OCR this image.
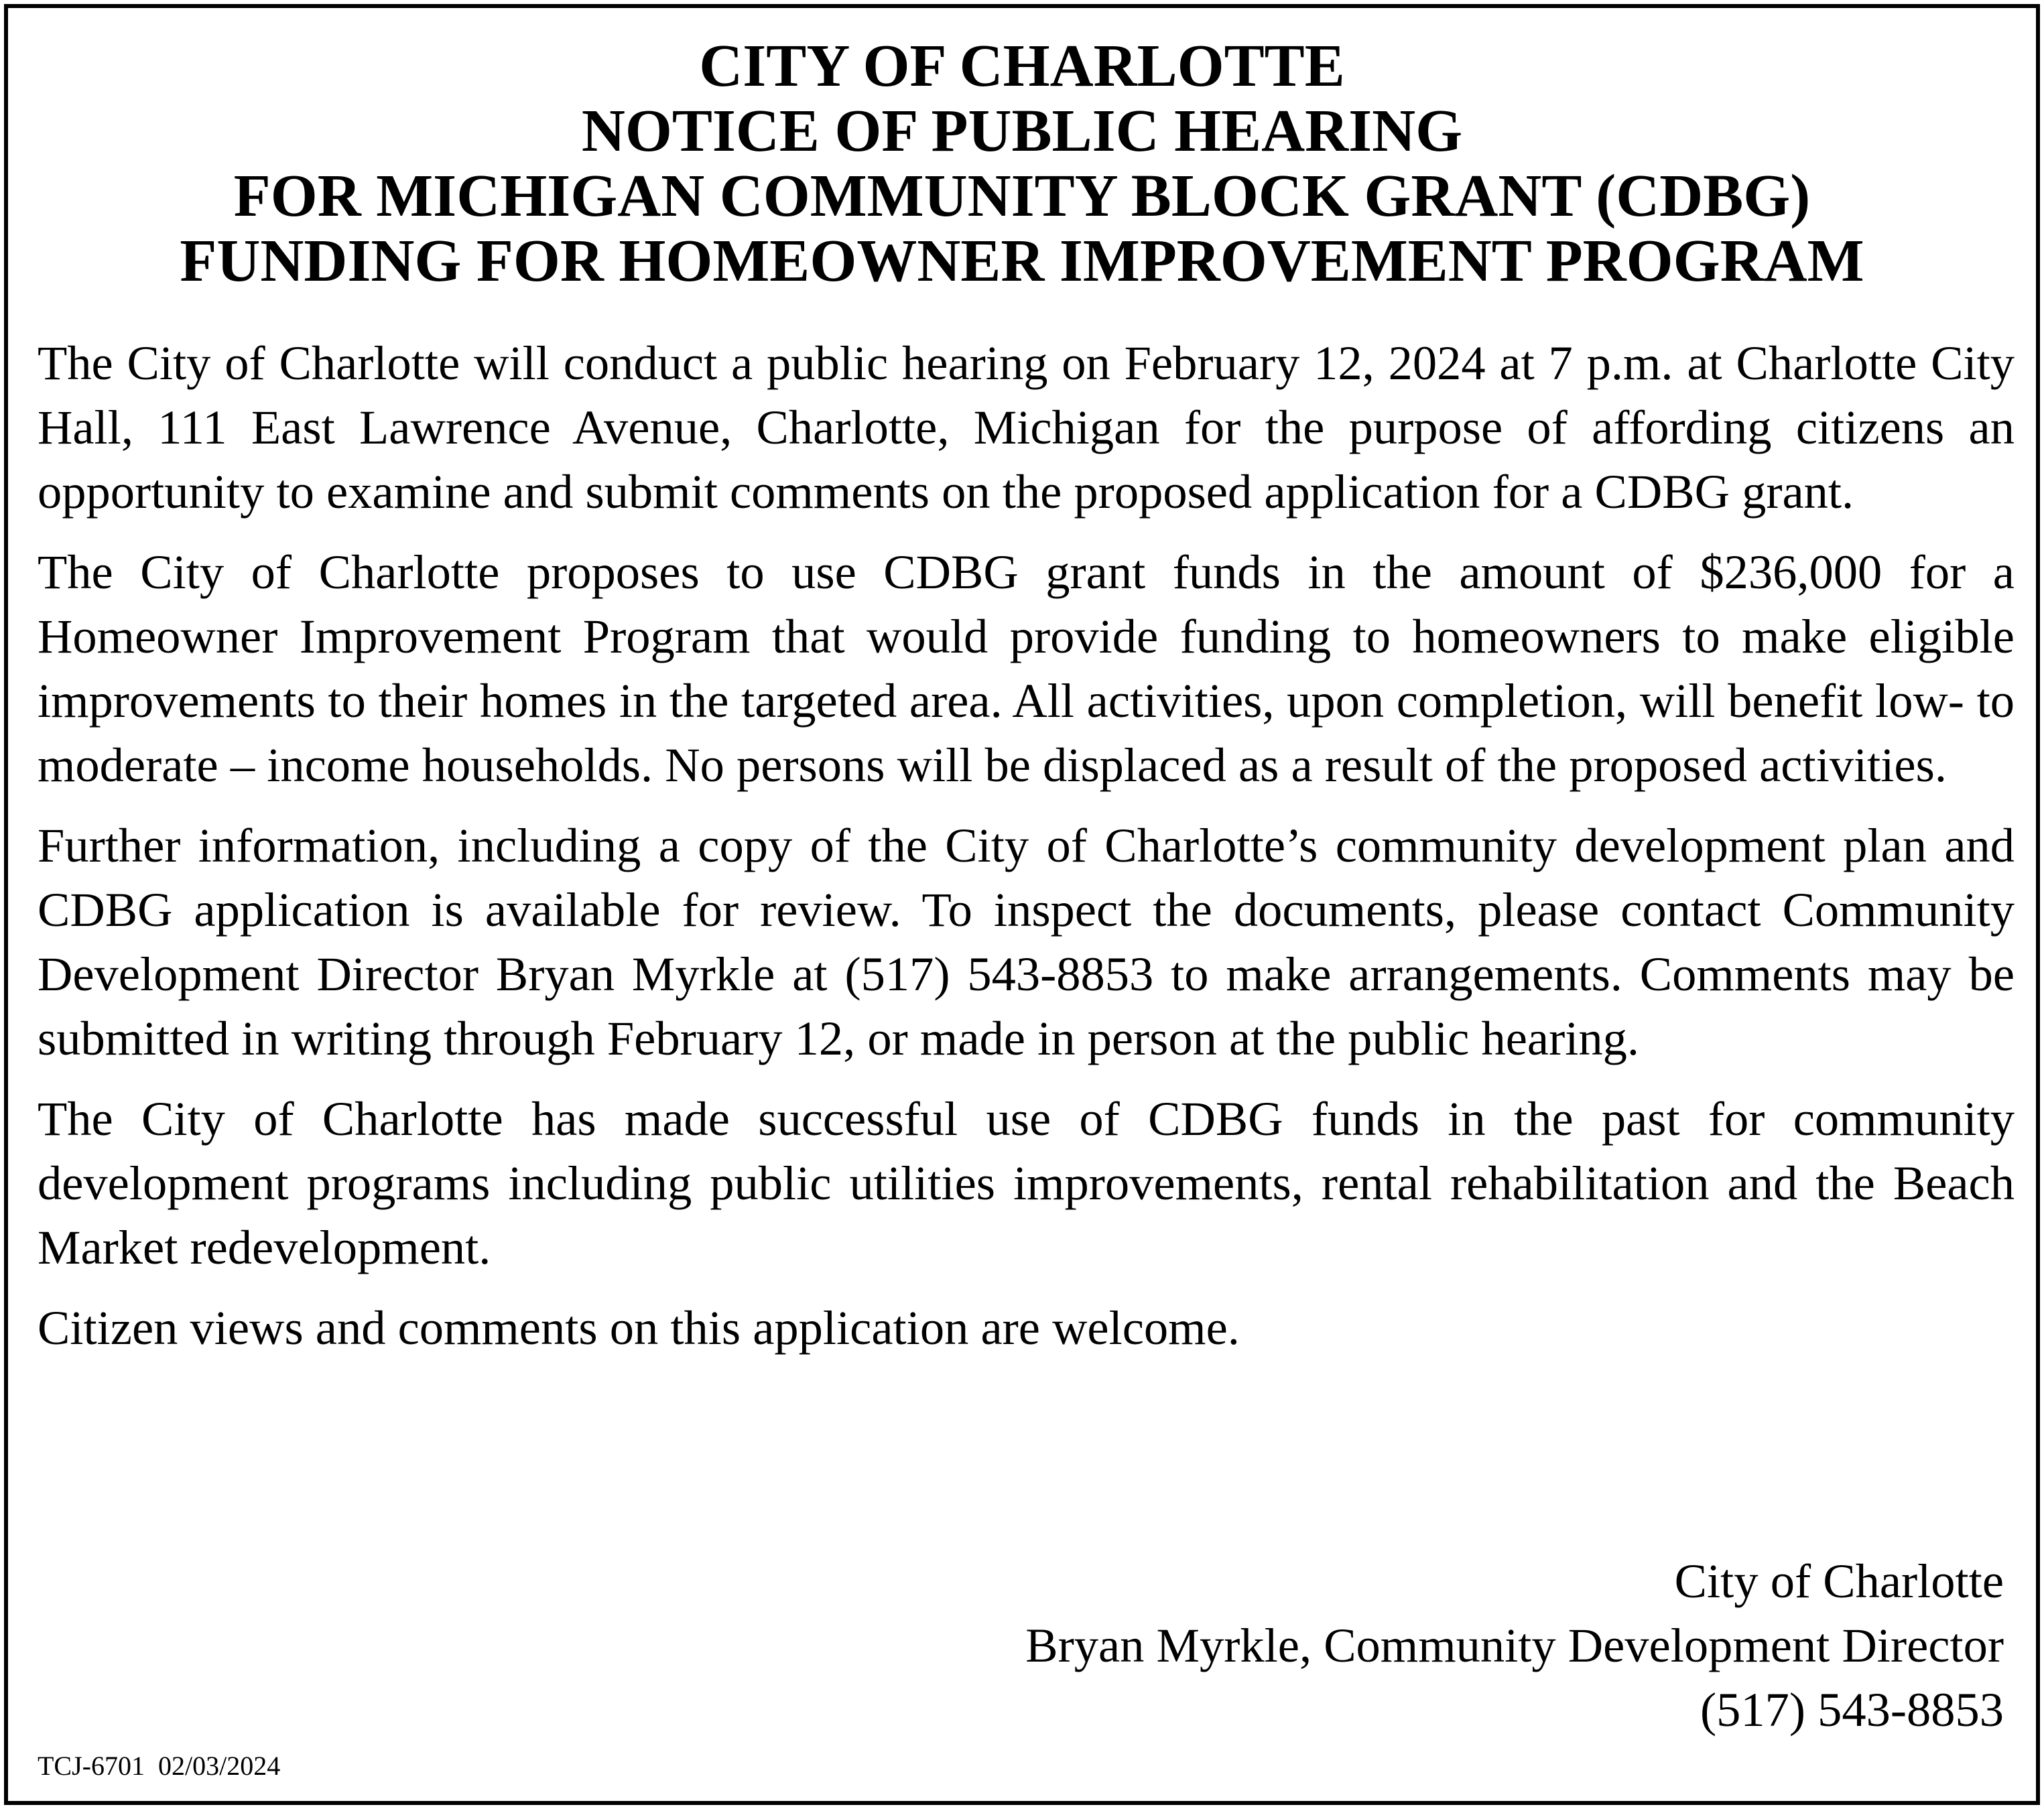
CITY OF CHARLOTTE
NOTICE OF PUBLIC HEARING
FOR MICHIGAN COMMUNITY BLOCK GRANT (CDBG)
FUNDING FOR HOMEOWNER IMPROVEMENT PROGRAM

The City of Charlotte will conduct a public hearing on February 12, 2024 at 7 p.m. at Charlotte City Hall, 111 East Lawrence Avenue, Charlotte, Michigan for the purpose of affording citizens an opportunity to examine and submit comments on the proposed application for a CDBG grant.

The City of Charlotte proposes to use CDBG grant funds in the amount of $236,000 for a Homeowner Improvement Program that would provide funding to homeowners to make eligible improvements to their homes in the targeted area. All activities, upon completion, will benefit low- to moderate – income households. No persons will be displaced as a result of the proposed activities.

Further information, including a copy of the City of Charlotte’s community development plan and CDBG application is available for review. To inspect the documents, please contact Community Development Director Bryan Myrkle at (517) 543-8853 to make arrangements. Comments may be submitted in writing through February 12, or made in person at the public hearing.

The City of Charlotte has made successful use of CDBG funds in the past for community development programs including public utilities improvements, rental rehabilitation and the Beach Market redevelopment.

Citizen views and comments on this application are welcome.

City of Charlotte
Bryan Myrkle, Community Development Director
(517) 543-8853
TCJ-6701  02/03/2024
